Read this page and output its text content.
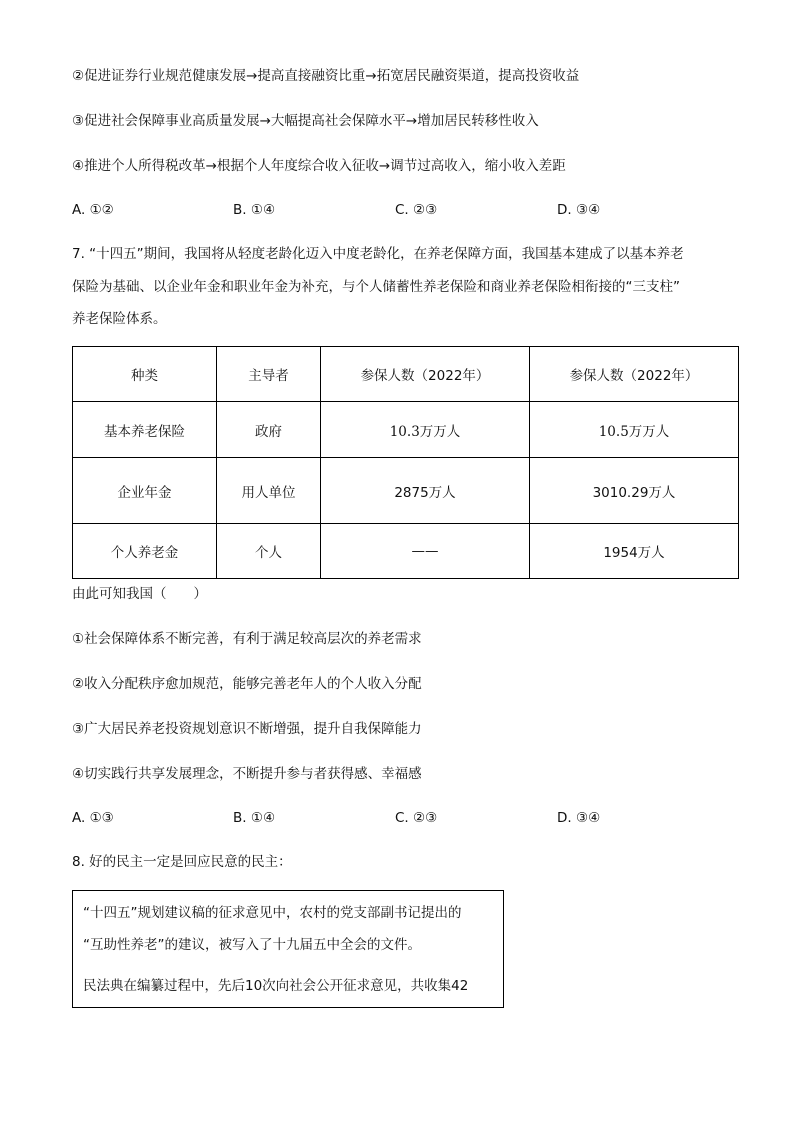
②促进证券行业规范健康发展→提高直接融资比重→拓宽居民融资渠道，提高投资收益
③促进社会保障事业高质量发展→大幅提高社会保障水平→增加居民转移性收入
④推进个人所得税改革→根据个人年度综合收入征收→调节过高收入，缩小收入差距
A. ①②	B. ①④	C. ②③	D. ③④
7. “十四五”期间，我国将从轻度老龄化迈入中度老龄化，在养老保障方面，我国基本建成了以基本养老
保险为基础、以企业年金和职业年金为补充，与个人储蓄性养老保险和商业养老保险相衔接的“三支柱”
养老保险体系。
种类	主导者	参保人数（2022年）	参保人数（2022年）
基本养老保险	政府	10.3万万人	10.5万万人
企业年金	用人单位	2875万人	3010.29万人
个人养老金	个人	——	1954万人
由此可知我国（　　）
①社会保障体系不断完善，有利于满足较高层次的养老需求
②收入分配秩序愈加规范，能够完善老年人的个人收入分配
③广大居民养老投资规划意识不断增强，提升自我保障能力
④切实践行共享发展理念，不断提升参与者获得感、幸福感
A. ①③	B. ①④	C. ②③	D. ③④
8. 好的民主一定是回应民意的民主：
“十四五”规划建议稿的征求意见中，农村的党支部副书记提出的
“互助性养老”的建议，被写入了十九届五中全会的文件。
民法典在编纂过程中，先后10次向社会公开征求意见，共收集42
